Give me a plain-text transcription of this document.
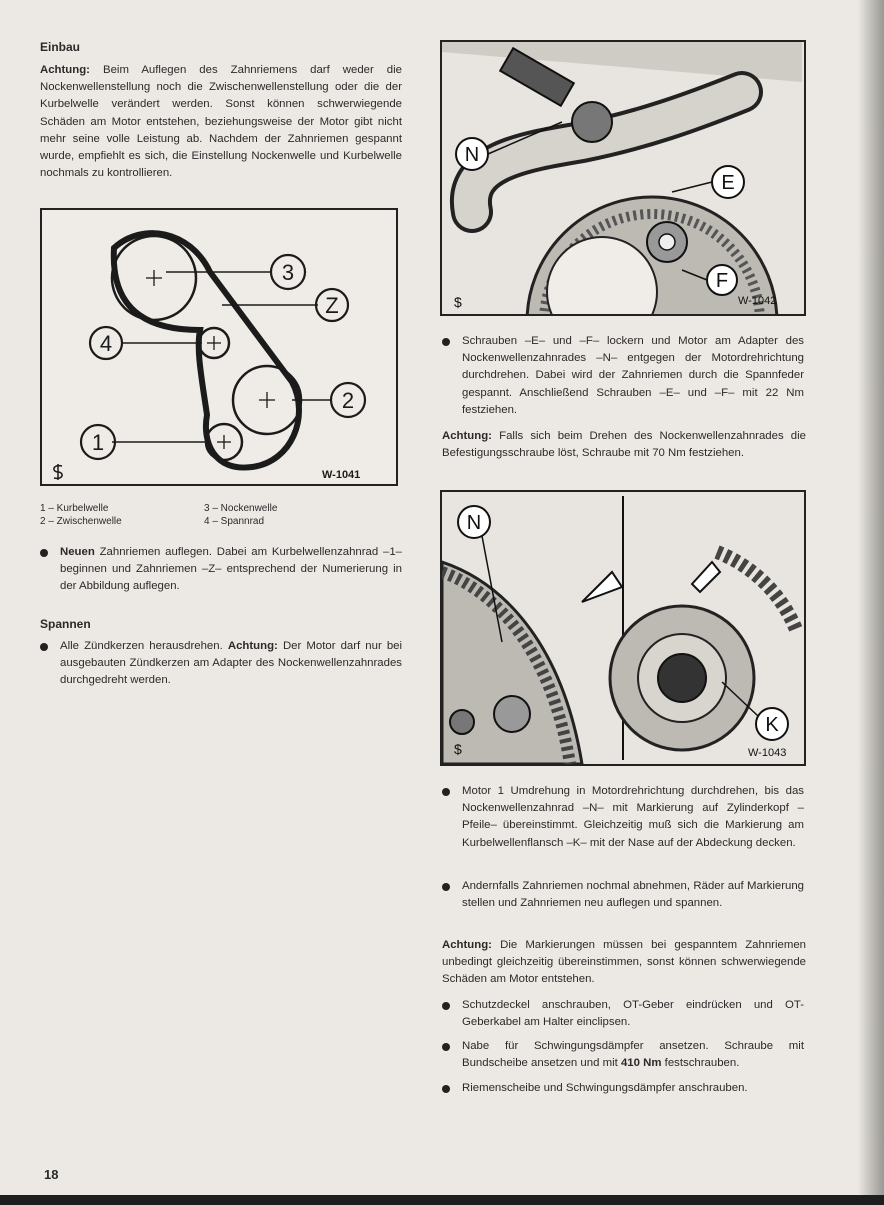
Einbau
Achtung: Beim Auflegen des Zahnriemens darf weder die Nockenwellenstellung noch die Zwischenwellenstellung oder die der Kurbelwelle verändert werden. Sonst können schwerwiegende Schäden am Motor entstehen, beziehungsweise der Motor gibt nicht mehr seine volle Leistung ab. Nachdem der Zahnriemen gespannt wurde, empfiehlt es sich, die Einstellung Nockenwelle und Kurbelwelle nochmals zu kontrollieren.
3
Z
4
2
1
W-1041
1 – Kurbelwelle
2 – Zwischenwelle
3 – Nockenwelle
4 – Spannrad
Neuen Zahnriemen auflegen. Dabei am Kurbelwellenzahnrad –1– beginnen und Zahnriemen –Z– entsprechend der Numerierung in der Abbildung auflegen.
Spannen
Alle Zündkerzen herausdrehen. Achtung: Der Motor darf nur bei ausgebauten Zündkerzen am Adapter des Nockenwellenzahnrades durchgedreht werden.
18
N
E
F
W-1042
$
Schrauben –E– und –F– lockern und Motor am Adapter des Nockenwellenzahnrades –N– entgegen der Motordrehrichtung durchdrehen. Dabei wird der Zahnriemen durch die Spannfeder gespannt. Anschließend Schrauben –E– und –F– mit 22 Nm festziehen.
Achtung: Falls sich beim Drehen des Nockenwellenzahnrades die Befestigungsschraube löst, Schraube mit 70 Nm festziehen.
N
K
W-1043
$
Motor 1 Umdrehung in Motordrehrichtung durchdrehen, bis das Nockenwellenzahnrad –N– mit Markierung auf Zylinderkopf –Pfeile– übereinstimmt. Gleichzeitig muß sich die Markierung am Kurbelwellenflansch –K– mit der Nase auf der Abdeckung decken.
Andernfalls Zahnriemen nochmal abnehmen, Räder auf Markierung stellen und Zahnriemen neu auflegen und spannen.
Achtung: Die Markierungen müssen bei gespanntem Zahnriemen unbedingt gleichzeitig übereinstimmen, sonst können schwerwiegende Schäden am Motor entstehen.
Schutzdeckel anschrauben, OT-Geber eindrücken und OT-Geberkabel am Halter einclipsen.
Nabe für Schwingungsdämpfer ansetzen. Schraube mit Bundscheibe ansetzen und mit 410 Nm festschrauben.
Riemenscheibe und Schwingungsdämpfer anschrauben.
